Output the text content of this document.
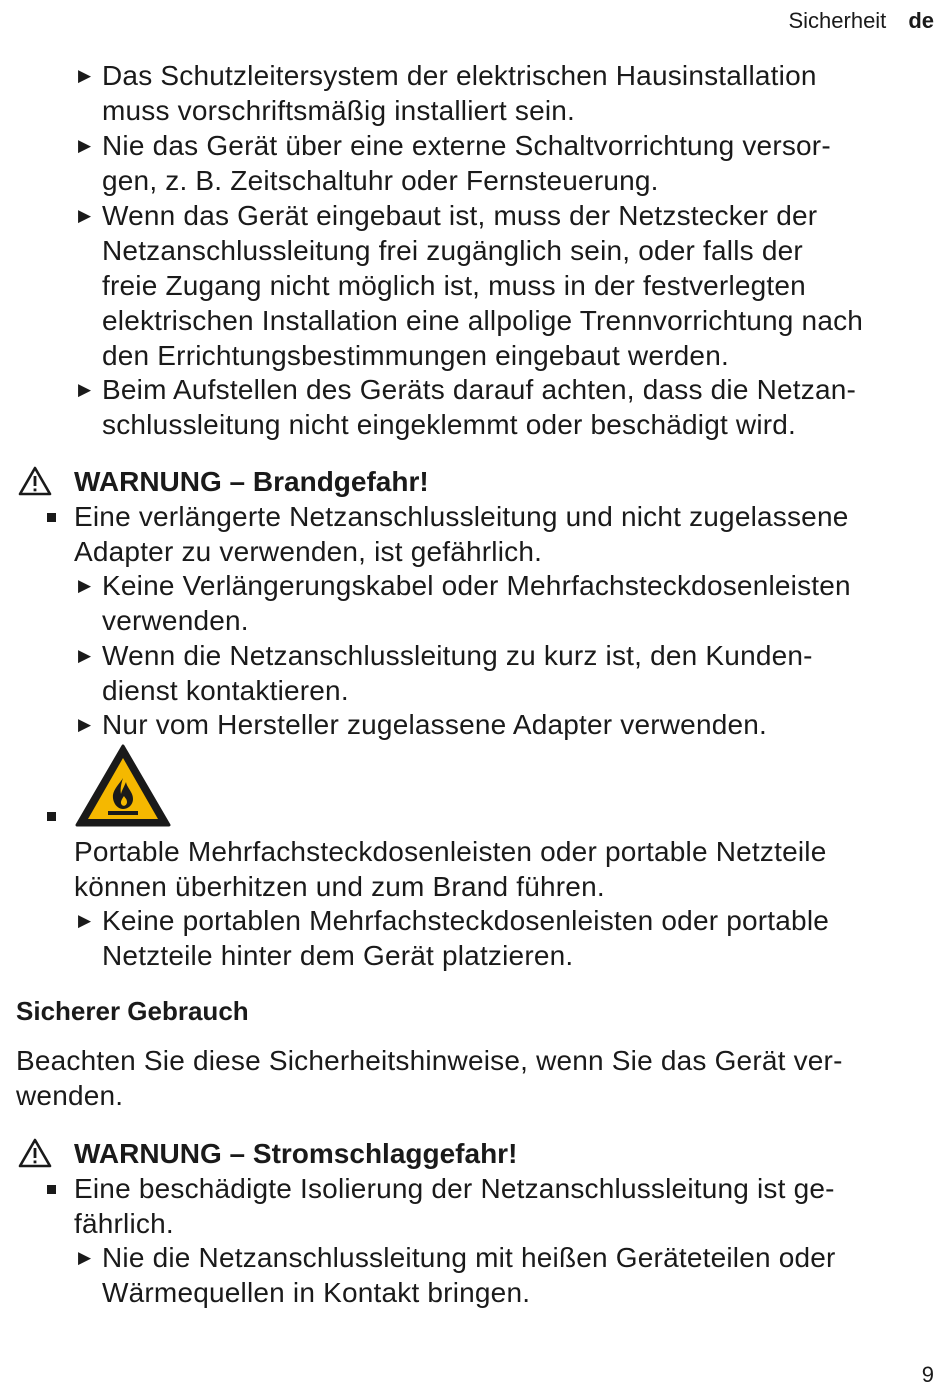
Sicherheit de
▶ Das Schutzleitersystem der elektrischen Hausinstallation
muss vorschriftsmäßig installiert sein.
▶ Nie das Gerät über eine externe Schaltvorrichtung versor-
gen, z. B. Zeitschaltuhr oder Fernsteuerung.
▶ Wenn das Gerät eingebaut ist, muss der Netzstecker der
Netzanschlussleitung frei zugänglich sein, oder falls der
freie Zugang nicht möglich ist, muss in der festverlegten
elektrischen Installation eine allpolige Trennvorrichtung nach
den Errichtungsbestimmungen eingebaut werden.
▶ Beim Aufstellen des Geräts darauf achten, dass die Netzan-
schlussleitung nicht eingeklemmt oder beschädigt wird.
WARNUNG – Brandgefahr!
Eine verlängerte Netzanschlussleitung und nicht zugelassene
Adapter zu verwenden, ist gefährlich.
▶ Keine Verlängerungskabel oder Mehrfachsteckdosenleisten
verwenden.
▶ Wenn die Netzanschlussleitung zu kurz ist, den Kunden-
dienst kontaktieren.
▶ Nur vom Hersteller zugelassene Adapter verwenden.
Portable Mehrfachsteckdosenleisten oder portable Netzteile
können überhitzen und zum Brand führen.
▶ Keine portablen Mehrfachsteckdosenleisten oder portable
Netzteile hinter dem Gerät platzieren.
Sicherer Gebrauch
Beachten Sie diese Sicherheitshinweise, wenn Sie das Gerät ver-
wenden.
WARNUNG – Stromschlaggefahr!
Eine beschädigte Isolierung der Netzanschlussleitung ist ge-
fährlich.
▶ Nie die Netzanschlussleitung mit heißen Geräteteilen oder
Wärmequellen in Kontakt bringen.
9
